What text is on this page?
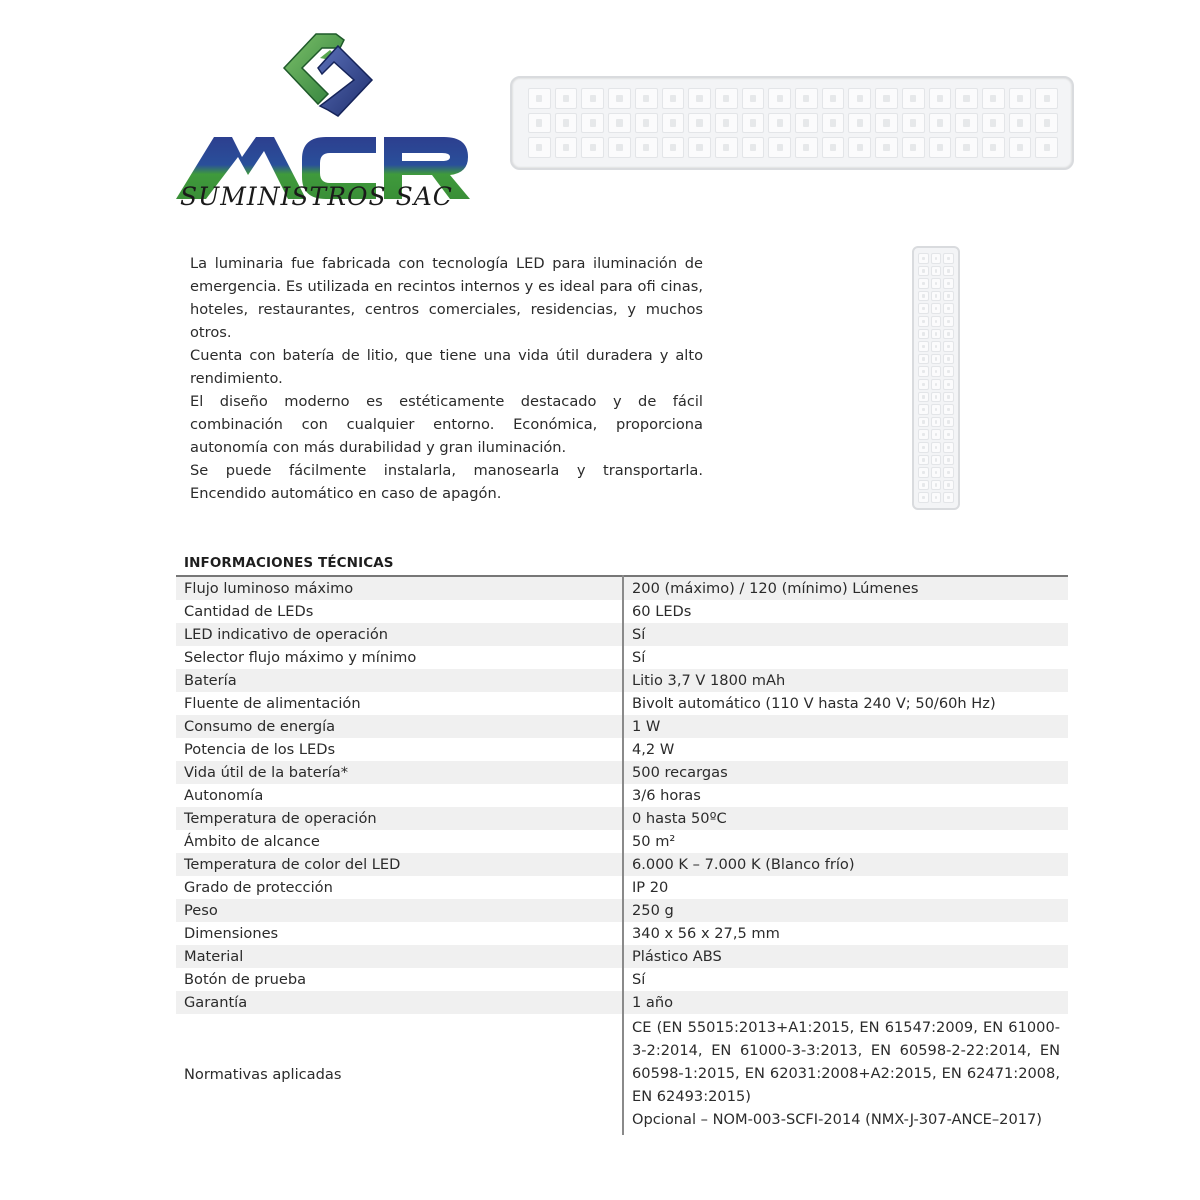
SUMINISTROS SAC

La luminaria fue fabricada con tecnología LED para iluminación de emergencia. Es utilizada en recintos internos y es ideal para ofi cinas, hoteles, restaurantes, centros comerciales, residencias, y muchos otros.

Cuenta con batería de litio, que tiene una vida útil duradera y alto rendimiento.

El diseño moderno es estéticamente destacado y de fácil combinación con cualquier entorno. Económica, proporciona autonomía con más durabilidad y gran iluminación.

Se puede fácilmente instalarla, manosearla y transportarla. Encendido automático en caso de apagón.

INFORMACIONES TÉCNICAS
Flujo luminoso máximo	200 (máximo) / 120 (mínimo) Lúmenes
Cantidad de LEDs	60 LEDs
LED indicativo de operación	Sí
Selector flujo máximo y mínimo	Sí
Batería	Litio 3,7 V 1800 mAh
Fluente de alimentación	Bivolt automático (110 V hasta 240 V; 50/60h Hz)
Consumo de energía	1 W
Potencia de los LEDs	4,2 W
Vida útil de la batería*	500 recargas
Autonomía	3/6 horas
Temperatura de operación	0 hasta 50ºC
Ámbito de alcance	50 m²
Temperatura de color del LED	6.000 K – 7.000 K (Blanco frío)
Grado de protección	IP 20
Peso	250 g
Dimensiones	340 x 56 x 27,5 mm
Material	Plástico ABS
Botón de prueba	Sí
Garantía	1 año
Normativas aplicadas	CE (EN 55015:2013+A1:2015, EN 61547:2009, EN 61000-3-2:2014, EN 61000-3-3:2013, EN 60598-2-22:2014, EN 60598-1:2015, EN 62031:2008+A2:2015, EN 62471:2008, EN 62493:2015)
Opcional – NOM-003-SCFI-2014 (NMX-J-307-ANCE–2017)
